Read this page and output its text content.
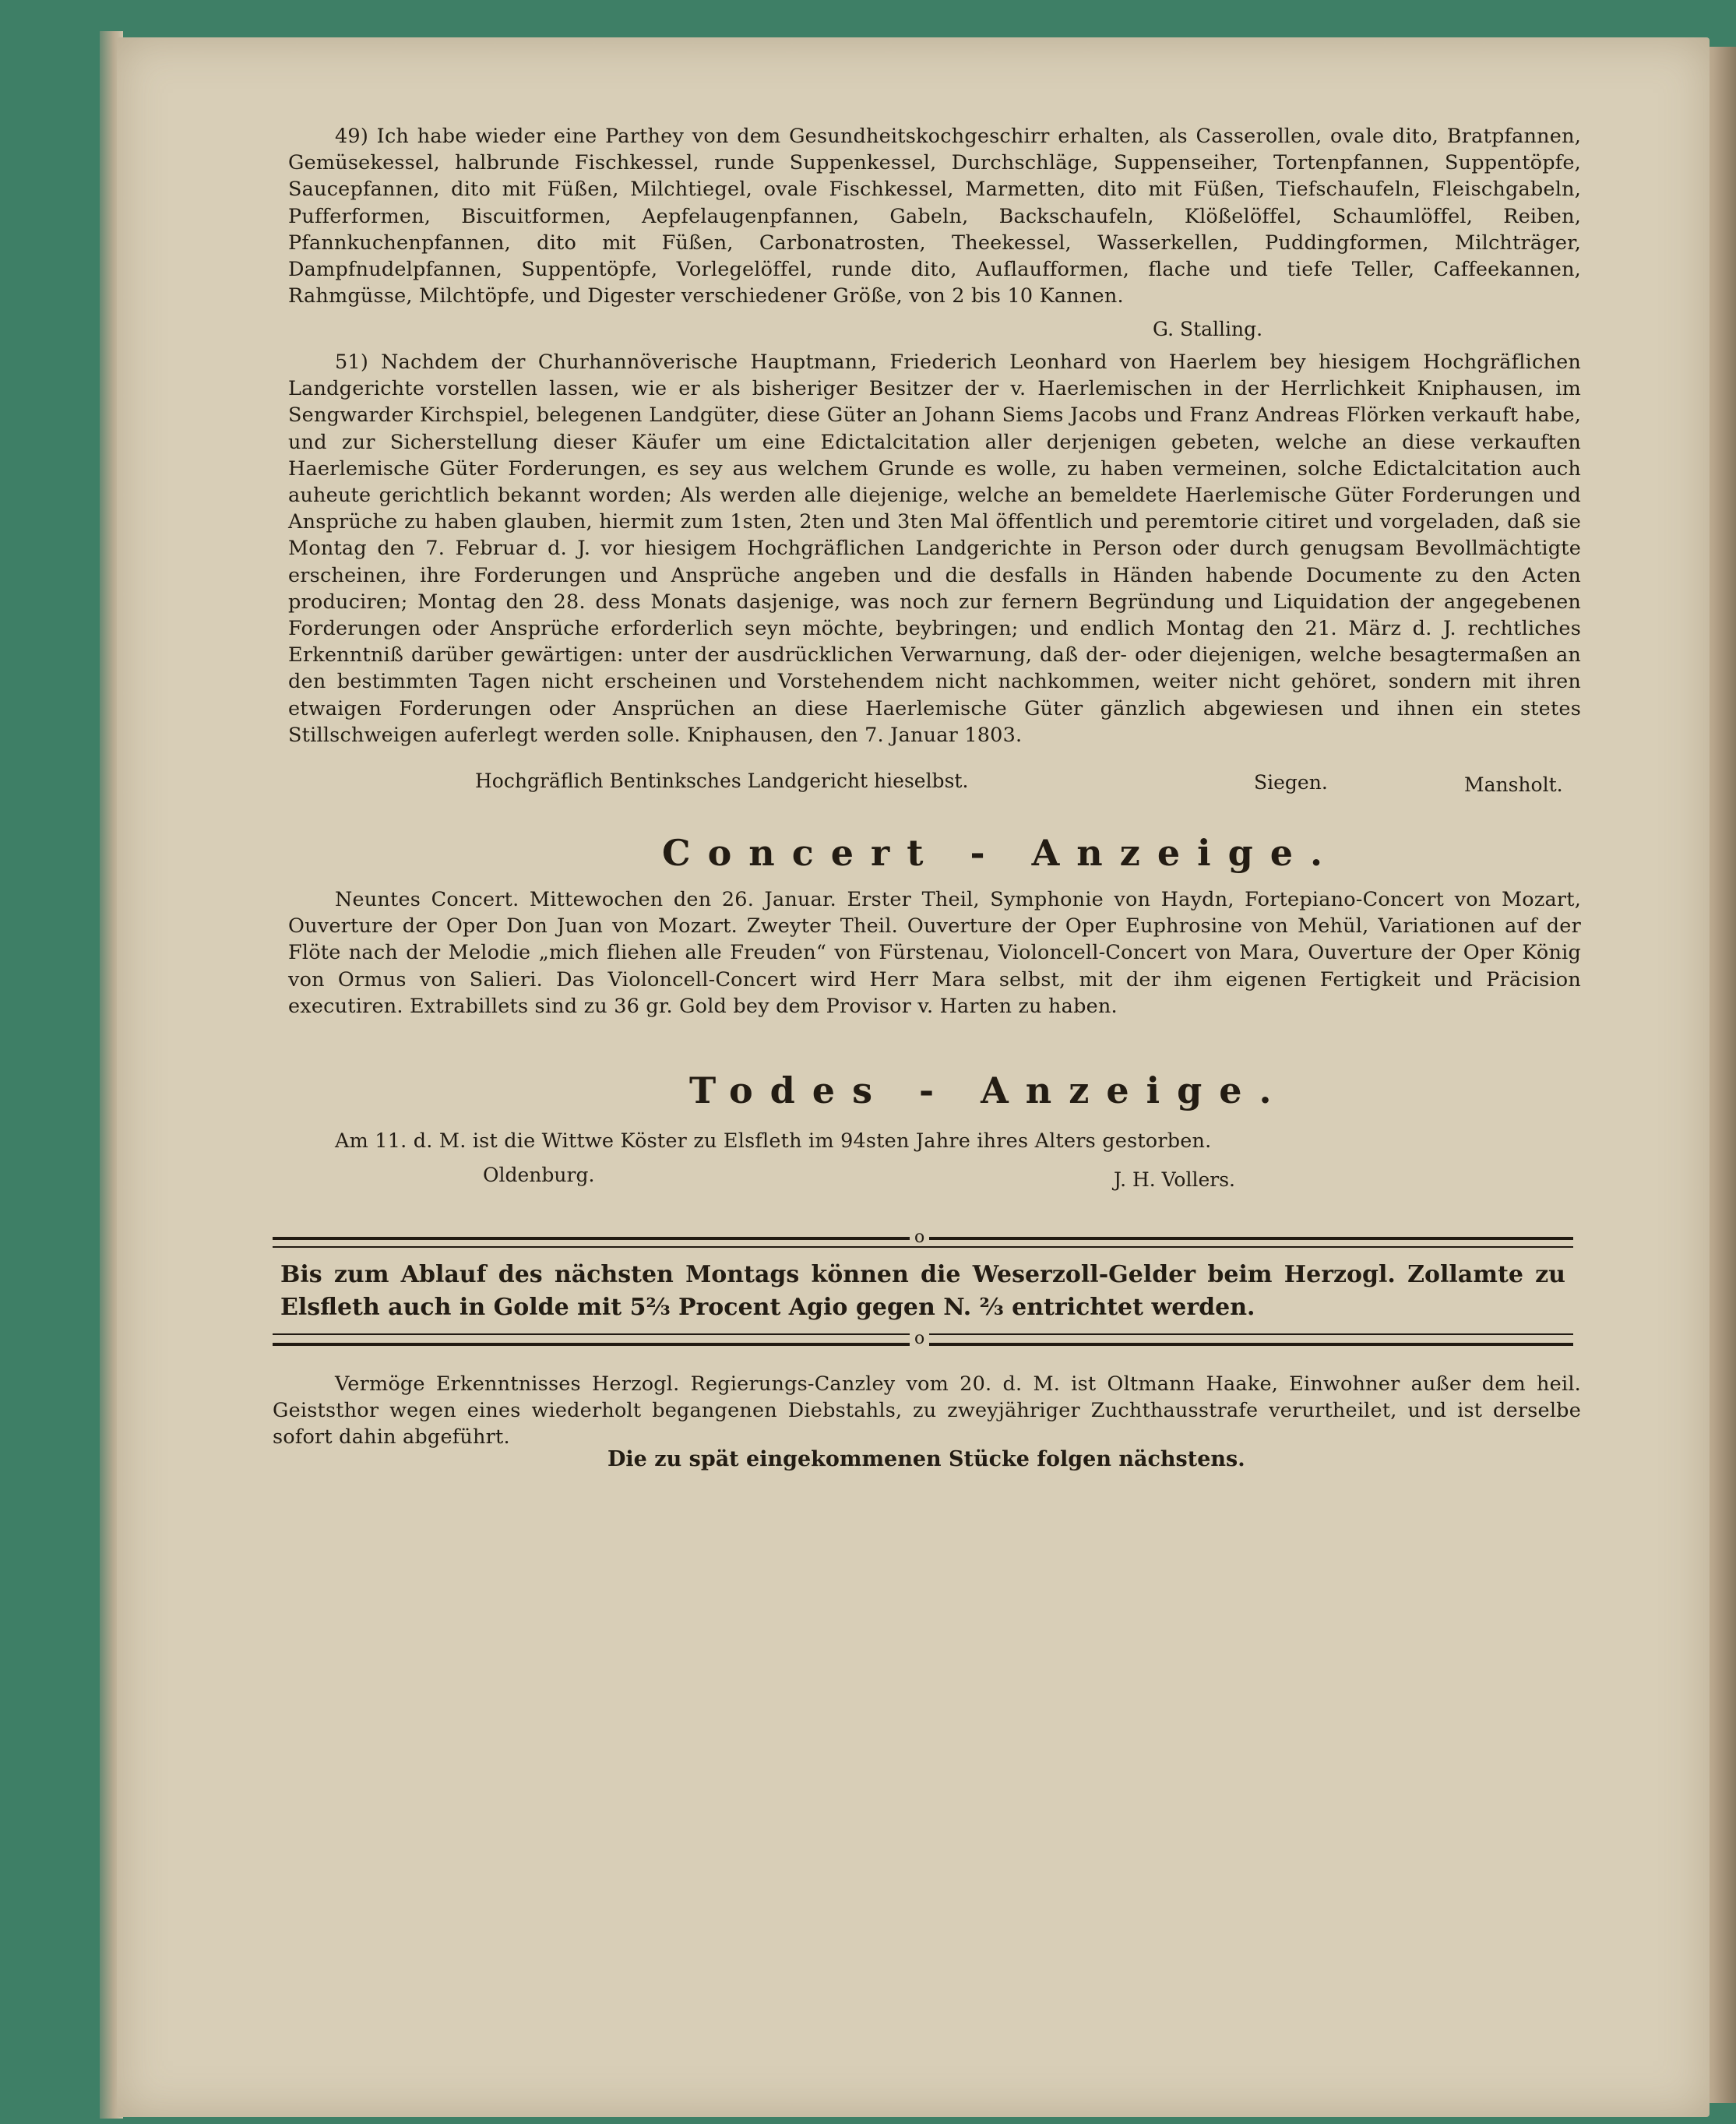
49) Ich habe wieder eine Parthey von dem Gesundheitskochgeschirr erhalten, als Casserollen, ovale dito, Bratpfannen, Gemüsekessel, halbrunde Fischkessel, runde Suppenkessel, Durchschläge, Suppenseiher, Tortenpfannen, Suppentöpfe, Saucepfannen, dito mit Füßen, Milchtiegel, ovale Fischkessel, Marmetten, dito mit Füßen, Tiefschaufeln, Fleischgabeln, Pufferformen, Biscuitformen, Aepfelaugenpfannen, Gabeln, Backschaufeln, Klößelöffel, Schaumlöffel, Reiben, Pfannkuchenpfannen, dito mit Füßen, Carbonatrosten, Theekessel, Wasserkellen, Puddingformen, Milchträger, Dampfnudelpfannen, Suppentöpfe, Vorlegelöffel, runde dito, Auflaufformen, flache und tiefe Teller, Caffeekannen, Rahmgüsse, Milchtöpfe, und Digester verschiedener Größe, von 2 bis 10 Kannen.

G. Stalling.

51) Nachdem der Churhannöverische Hauptmann, Friederich Leonhard von Haerlem bey hiesigem Hochgräflichen Landgerichte vorstellen lassen, wie er als bisheriger Besitzer der v. Haerlemischen in der Herrlichkeit Kniphausen, im Sengwarder Kirchspiel, belegenen Landgüter, diese Güter an Johann Siems Jacobs und Franz Andreas Flörken verkauft habe, und zur Sicherstellung dieser Käufer um eine Edictalcitation aller derjenigen gebeten, welche an diese verkauften Haerlemische Güter Forderungen, es sey aus welchem Grunde es wolle, zu haben vermeinen, solche Edictalcitation auch auheute gerichtlich bekannt worden; Als werden alle diejenige, welche an bemeldete Haerlemische Güter Forderungen und Ansprüche zu haben glauben, hiermit zum 1sten, 2ten und 3ten Mal öffentlich und peremtorie citiret und vorgeladen, daß sie Montag den 7. Februar d. J. vor hiesigem Hochgräflichen Landgerichte in Person oder durch genugsam Bevollmächtigte erscheinen, ihre Forderungen und Ansprüche angeben und die desfalls in Händen habende Documente zu den Acten produciren; Montag den 28. dess Monats dasjenige, was noch zur fernern Begründung und Liquidation der angegebenen Forderungen oder Ansprüche erforderlich seyn möchte, beybringen; und endlich Montag den 21. März d. J. rechtliches Erkenntniß darüber gewärtigen: unter der ausdrücklichen Verwarnung, daß der- oder diejenigen, welche besagtermaßen an den bestimmten Tagen nicht erscheinen und Vorstehendem nicht nachkommen, weiter nicht gehöret, sondern mit ihren etwaigen Forderungen oder Ansprüchen an diese Haerlemische Güter gänzlich abgewiesen und ihnen ein stetes Stillschweigen auferlegt werden solle. Kniphausen, den 7. Januar 1803.

Hochgräflich Bentinksches Landgericht hieselbst.	Siegen.	Mansholt.
Concert - Anzeige.

Neuntes Concert. Mittewochen den 26. Januar. Erster Theil, Symphonie von Haydn, Fortepiano-Concert von Mozart, Ouverture der Oper Don Juan von Mozart. Zweyter Theil. Ouverture der Oper Euphrosine von Mehül, Variationen auf der Flöte nach der Melodie „mich fliehen alle Freuden“ von Fürstenau, Violoncell-Concert von Mara, Ouverture der Oper König von Ormus von Salieri. Das Violoncell-Concert wird Herr Mara selbst, mit der ihm eigenen Fertigkeit und Präcision executiren. Extrabillets sind zu 36 gr. Gold bey dem Provisor v. Harten zu haben.

Todes - Anzeige.

Am 11. d. M. ist die Wittwe Köster zu Elsfleth im 94sten Jahre ihres Alters gestorben.

Oldenburg.	J. H. Vollers.
o

Bis zum Ablauf des nächsten Montags können die Weserzoll-Gelder beim Herzogl. Zollamte zu Elsfleth auch in Golde mit 5⅔ Procent Agio gegen N. ⅔ entrichtet werden.

o

Vermöge Erkenntnisses Herzogl. Regierungs-Canzley vom 20. d. M. ist Oltmann Haake, Einwohner außer dem heil. Geiststhor wegen eines wiederholt begangenen Diebstahls, zu zweyjähriger Zuchthausstrafe verurtheilet, und ist derselbe sofort dahin abgeführt.

Die zu spät eingekommenen Stücke folgen nächstens.
